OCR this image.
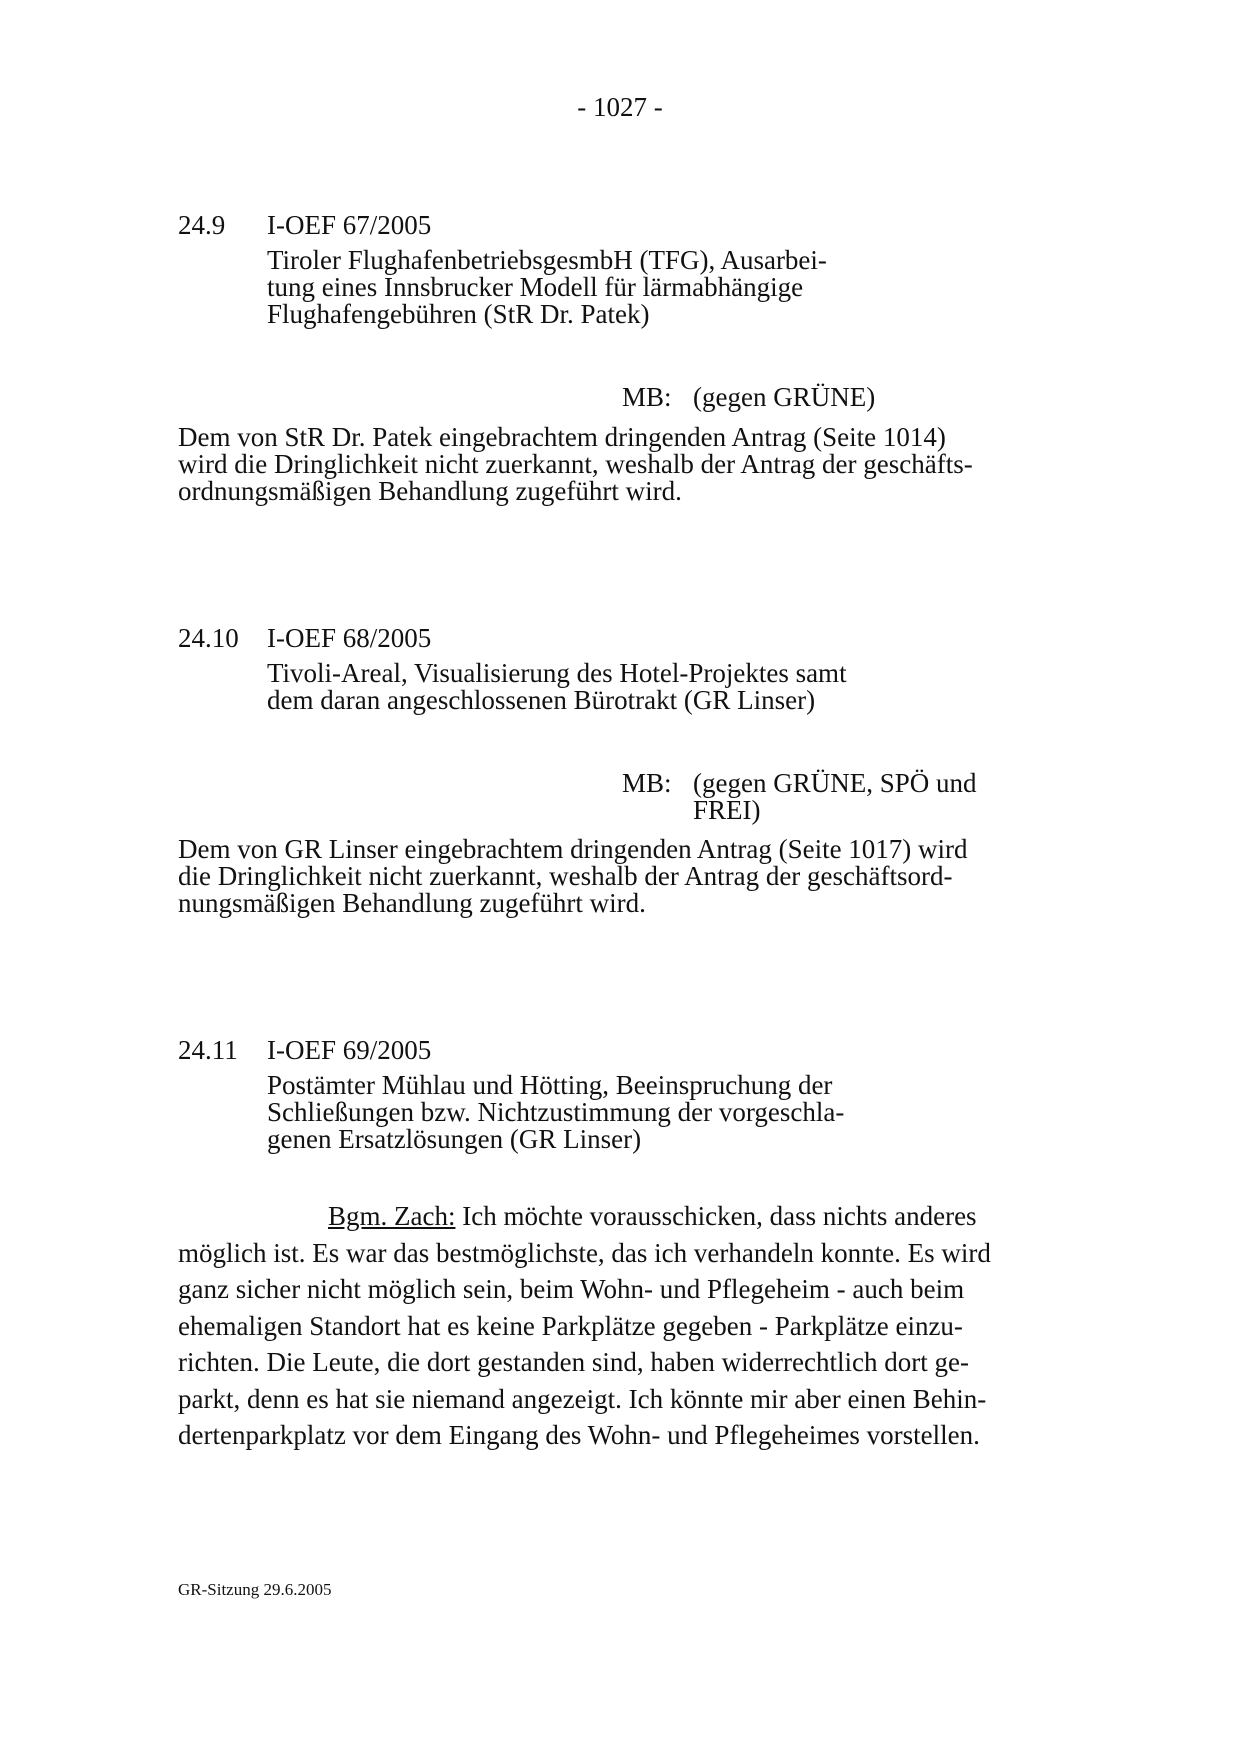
- 1027 -
24.9 I-OEF 67/2005
Tiroler FlughafenbetriebsgesmbH (TFG), Ausarbei-
tung eines Innsbrucker Modell für lärmabhängige
Flughafengebühren (StR Dr. Patek)
MB: (gegen GRÜNE)
Dem von StR Dr. Patek eingebrachtem dringenden Antrag (Seite 1014)
wird die Dringlichkeit nicht zuerkannt, weshalb der Antrag der geschäfts-
ordnungsmäßigen Behandlung zugeführt wird.
24.10 I-OEF 68/2005
Tivoli-Areal, Visualisierung des Hotel-Projektes samt
dem daran angeschlossenen Bürotrakt (GR Linser)
MB: (gegen GRÜNE, SPÖ und
FREI)
Dem von GR Linser eingebrachtem dringenden Antrag (Seite 1017) wird
die Dringlichkeit nicht zuerkannt, weshalb der Antrag der geschäftsord-
nungsmäßigen Behandlung zugeführt wird.
24.11 I-OEF 69/2005
Postämter Mühlau und Hötting, Beeinspruchung der
Schließungen bzw. Nichtzustimmung der vorgeschla-
genen Ersatzlösungen (GR Linser)
Bgm. Zach: Ich möchte vorausschicken, dass nichts anderes
möglich ist. Es war das bestmöglichste, das ich verhandeln konnte. Es wird
ganz sicher nicht möglich sein, beim Wohn- und Pflegeheim - auch beim
ehemaligen Standort hat es keine Parkplätze gegeben - Parkplätze einzu-
richten. Die Leute, die dort gestanden sind, haben widerrechtlich dort ge-
parkt, denn es hat sie niemand angezeigt. Ich könnte mir aber einen Behin-
dertenparkplatz vor dem Eingang des Wohn- und Pflegeheimes vorstellen.
GR-Sitzung 29.6.2005
